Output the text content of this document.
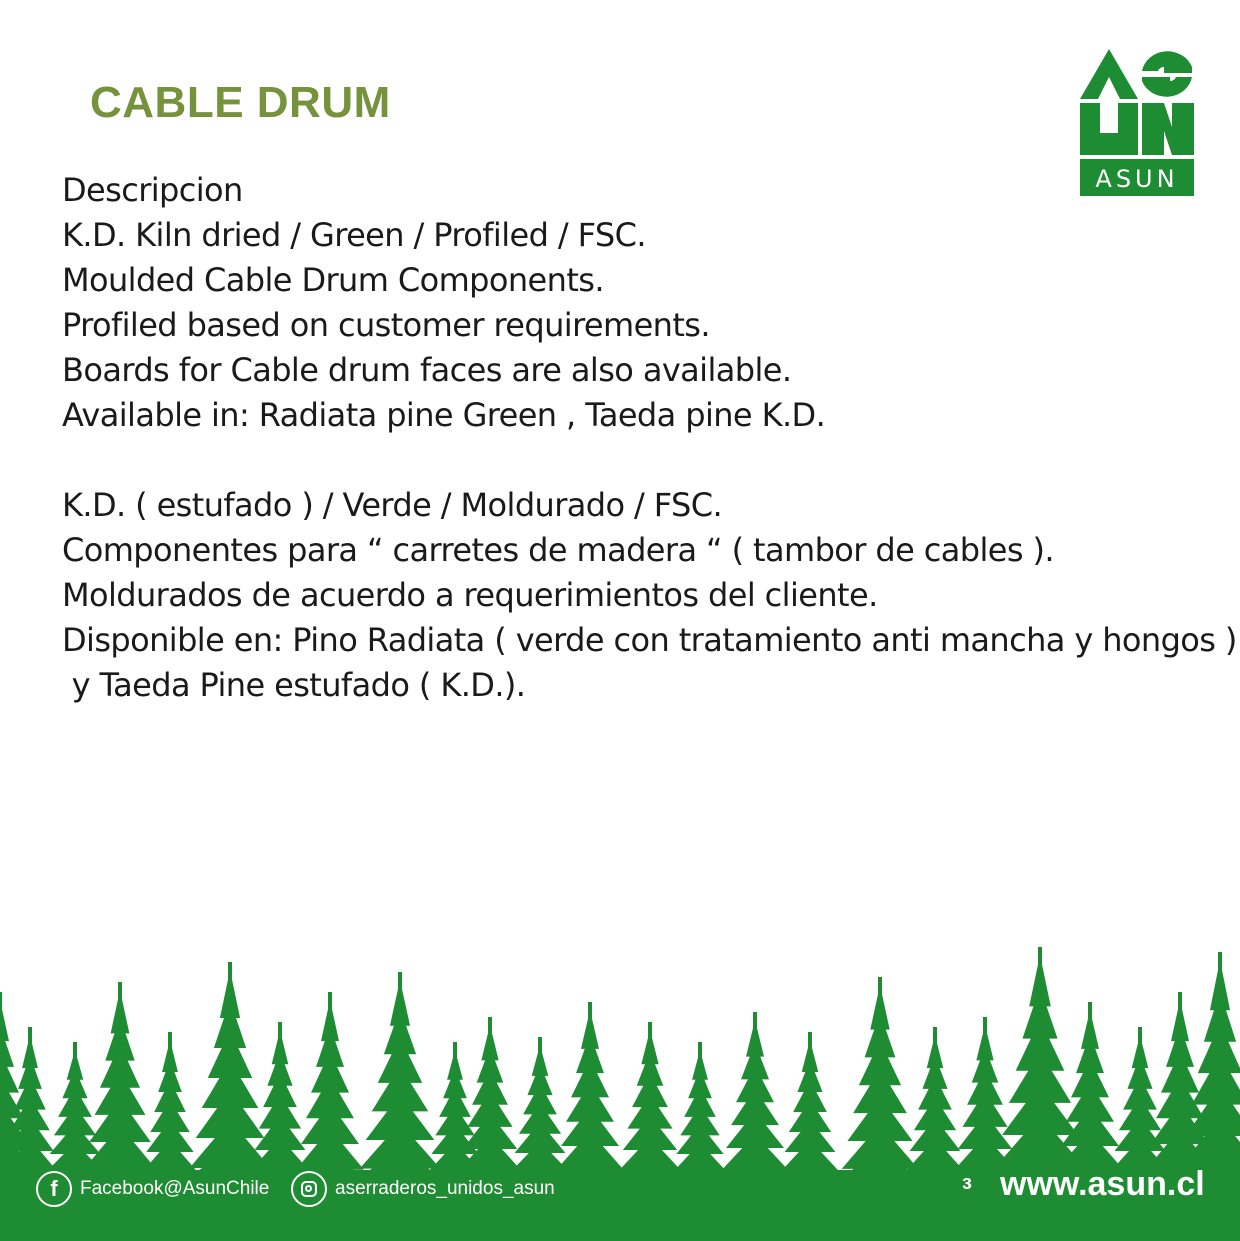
CABLE DRUM
Descripcion
K.D. Kiln dried / Green / Profiled / FSC.
Moulded Cable Drum Components.
Profiled based on customer requirements.
Boards for Cable drum faces are also available.
Available in: Radiata pine Green , Taeda pine K.D.
K.D. ( estufado ) / Verde / Moldurado / FSC.
Componentes para “ carretes de madera “ ( tambor de cables ).
Moldurados de acuerdo a requerimientos del cliente.
Disponible en: Pino Radiata ( verde con tratamiento anti mancha y hongos )
y Taeda Pine estufado ( K.D.).
ASUN
f	Facebook@AsunChile	aserraderos_unidos_asun	ɜ www.asun.cl
